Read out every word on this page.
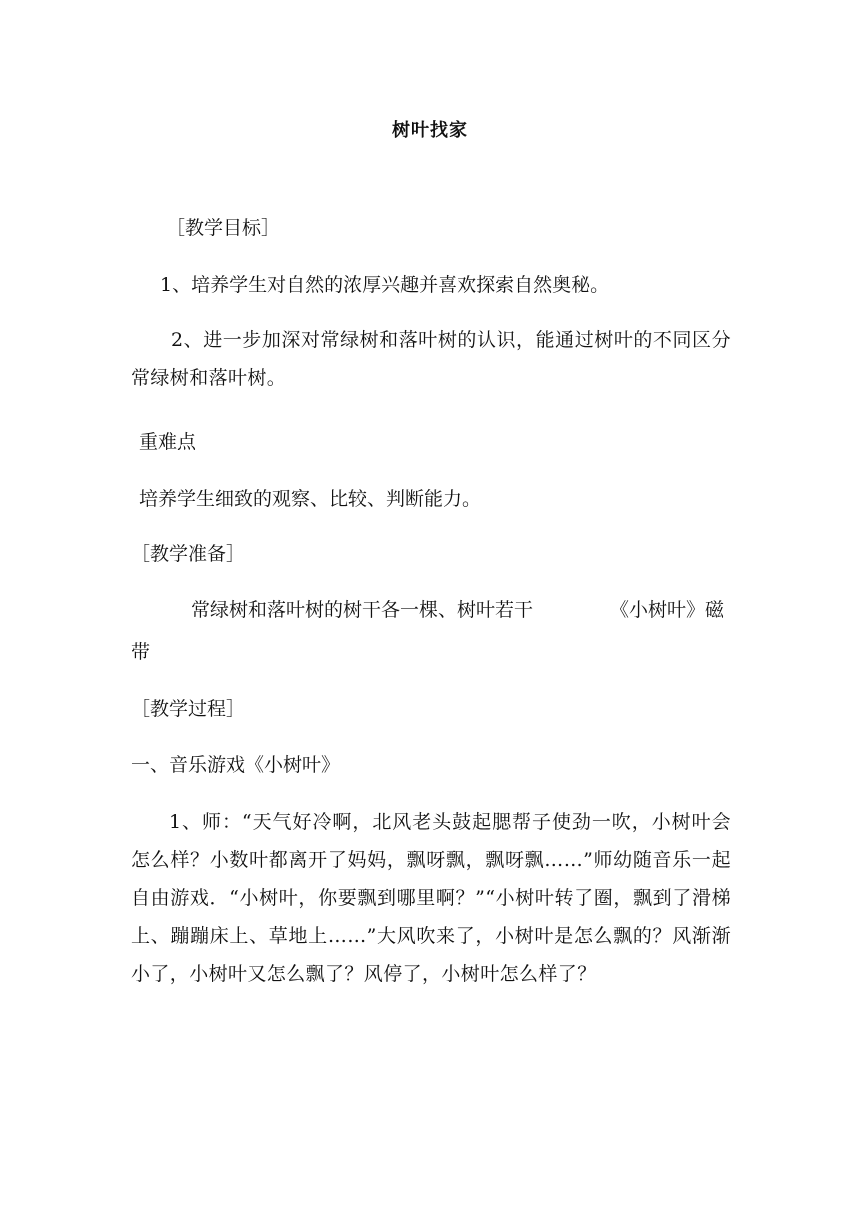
树叶找家
［教学目标］
1、培养学生对自然的浓厚兴趣并喜欢探索自然奥秘。
2、进一步加深对常绿树和落叶树的认识，能通过树叶的不同区分常绿树和落叶树。
重难点
培养学生细致的观察、比较、判断能力。
［教学准备］
常绿树和落叶树的树干各一棵、树叶若干	《小树叶》磁
带
［教学过程］
一、音乐游戏《小树叶》
1、师：“天气好冷啊，北风老头鼓起腮帮子使劲一吹，小树叶会怎么样？小数叶都离开了妈妈，飘呀飘，飘呀飘……”师幼随音乐一起自由游戏．“小树叶，你要飘到哪里啊？”“小树叶转了圈，飘到了滑梯上、蹦蹦床上、草地上……”大风吹来了，小树叶是怎么飘的？风渐渐小了，小树叶又怎么飘了？风停了，小树叶怎么样了？
